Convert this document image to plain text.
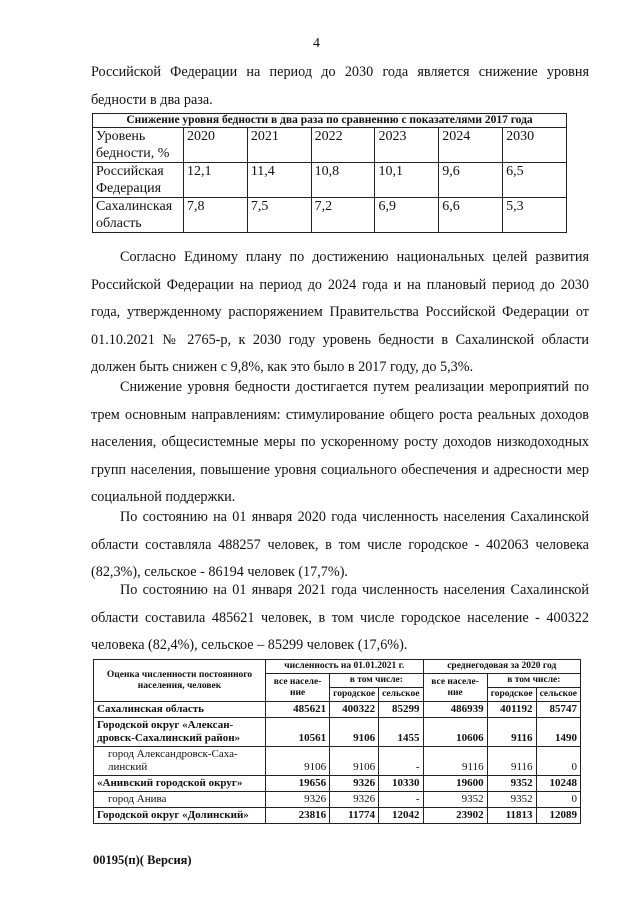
4

Российской Федерации на период до 2030 года является снижение уровня бедности в два раза.

Снижение уровня бедности в два раза по сравнению с показателями 2017 года						
Уровень бедности, %	2020	2021	2022	2023	2024	2030
Российская Федерация	12,1	11,4	10,8	10,1	9,6	6,5
Сахалинская область	7,8	7,5	7,2	6,9	6,6	5,3

Согласно Единому плану по достижению национальных целей развития Российской Федерации на период до 2024 года и на плановый период до 2030 года, утвержденному распоряжением Правительства Российской Федерации от 01.10.2021 № 2765-р, к 2030 году уровень бедности в Сахалинской области должен быть снижен с 9,8%, как это было в 2017 году, до 5,3%.

Снижение уровня бедности достигается путем реализации мероприятий по трем основным направлениям: стимулирование общего роста реальных доходов населения, общесистемные меры по ускоренному росту доходов низкодоходных групп населения, повышение уровня социального обеспечения и адресности мер социальной поддержки.

По состоянию на 01 января 2020 года численность населения Сахалинской области составляла 488257 человек, в том числе городское - 402063 человека (82,3%), сельское - 86194 человек (17,7%).

По состоянию на 01 января 2021 года численность населения Сахалинской области составила 485621 человек, в том числе городское население - 400322 человека (82,4%), сельское – 85299 человек (17,6%).

Оценка численности постоянного населения, человек	численность на 01.01.2021 г.			среднегодовая за 2020 год		
	все населе-ние	в том числе:		все населе-ние	в том числе:	
		городское	сельское		городское	сельское
Сахалинская область	485621	400322	85299	486939	401192	85747
Городской округ «Алексан-дровск-Сахалинский район»	10561	9106	1455	10606	9116	1490
город Александровск-Саха-линский	9106	9106	-	9116	9116	0
«Анивский городской округ»	19656	9326	10330	19600	9352	10248
город Анива	9326	9326	-	9352	9352	0
Городской округ «Долинский»	23816	11774	12042	23902	11813	12089
00195(п)( Версия)
